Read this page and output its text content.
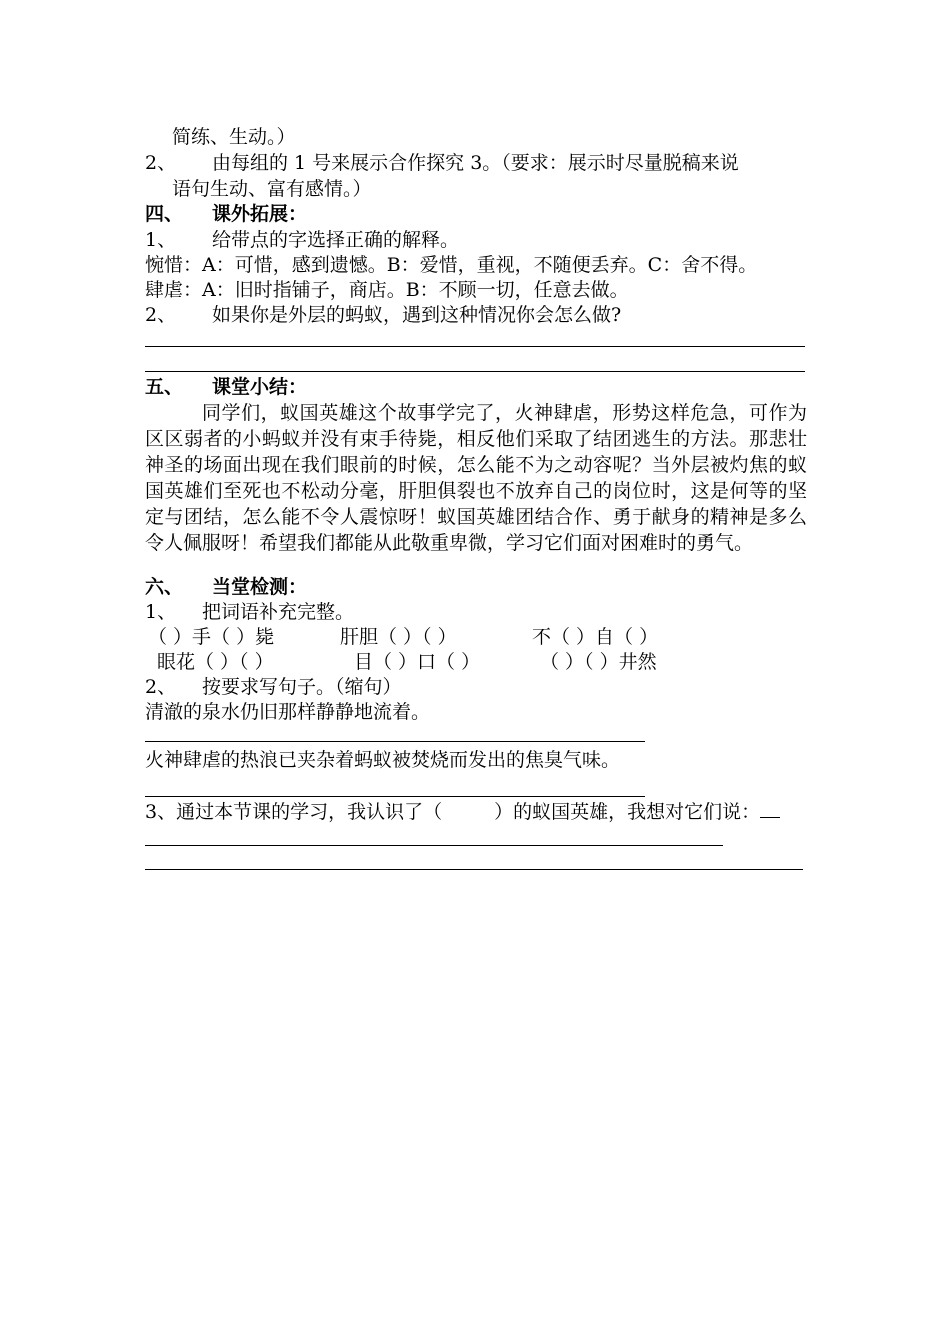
简练、生动。）
2、 由每组的 1 号来展示合作探究 3。（要求：展示时尽量脱稿来说
语句生动、富有感情。）
四、 课外拓展：
1、 给带点的字选择正确的解释。
惋惜：A：可惜，感到遗憾。B：爱惜，重视，不随便丢弃。C：舍不得。
肆虐：A：旧时指铺子，商店。B：不顾一切，任意去做。
2、 如果你是外层的蚂蚁，遇到这种情况你会怎么做?
五、 课堂小结：

同学们，蚁国英雄这个故事学完了，火神肆虐，形势这样危急，可作为区区弱者的小蚂蚁并没有束手待毙，相反他们采取了结团逃生的方法。那悲壮神圣的场面出现在我们眼前的时候，怎么能不为之动容呢？当外层被灼焦的蚁国英雄们至死也不松动分毫，肝胆俱裂也不放弃自己的岗位时，这是何等的坚定与团结，怎么能不令人震惊呀！蚁国英雄团结合作、勇于献身的精神是多么令人佩服呀！希望我们都能从此敬重卑微，学习它们面对困难时的勇气。

六、 当堂检测：
1、 把词语补充完整。
（ ）手（ ）毙	肝胆（ ）（ ）	不（ ）自（ ）
眼花（ ）（ ）	目（ ）口（ ）	（ ）（ ）井然
2、 按要求写句子。（缩句）
清澈的泉水仍旧那样静静地流着。
火神肆虐的热浪已夹杂着蚂蚁被焚烧而发出的焦臭气味。
3、通过本节课的学习，我认识了（	）的蚁国英雄，我想对它们说：
